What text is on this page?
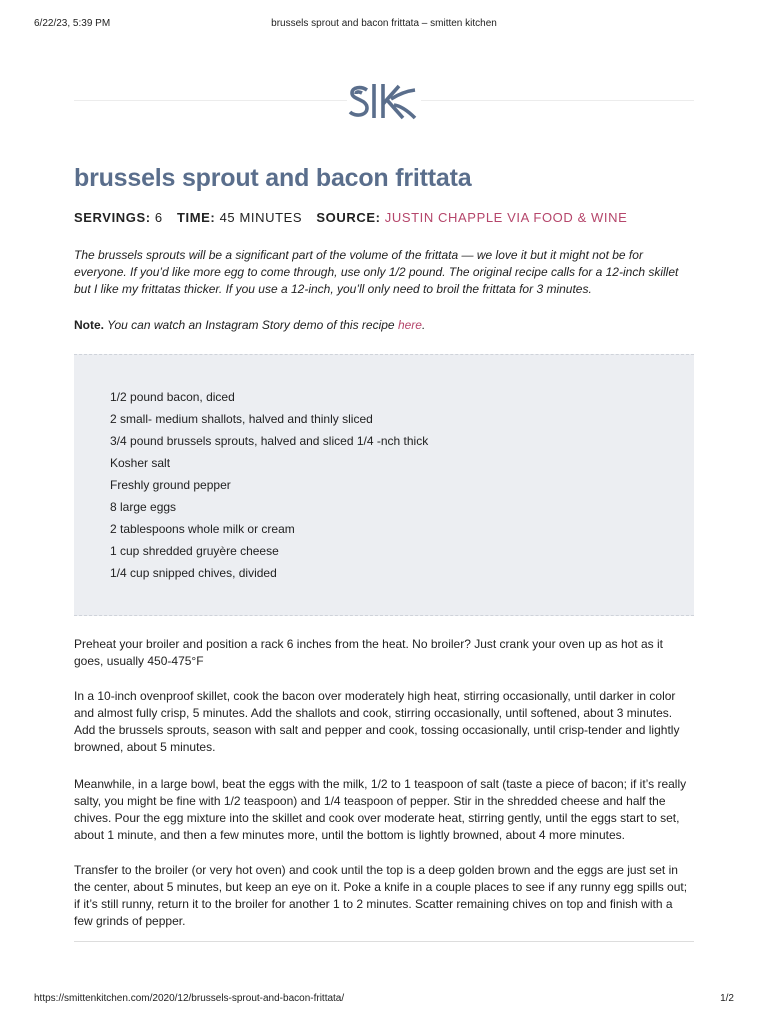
6/22/23, 5:39 PM	brussels sprout and bacon frittata – smitten kitchen
brussels sprout and bacon frittata
SERVINGS: 6 TIME: 45 MINUTES SOURCE: JUSTIN CHAPPLE VIA FOOD & WINE

The brussels sprouts will be a significant part of the volume of the frittata — we love it but it might not be for everyone. If you’d like more egg to come through, use only 1/2 pound. The original recipe calls for a 12-inch skillet but I like my frittatas thicker. If you use a 12-inch, you’ll only need to broil the frittata for 3 minutes.

Note. You can watch an Instagram Story demo of this recipe here.

1/2 pound bacon, diced
2 small- medium shallots, halved and thinly sliced
3/4 pound brussels sprouts, halved and sliced 1/4 -nch thick
Kosher salt
Freshly ground pepper
8 large eggs
2 tablespoons whole milk or cream
1 cup shredded gruyère cheese
1/4 cup snipped chives, divided

Preheat your broiler and position a rack 6 inches from the heat. No broiler? Just crank your oven up as hot as it goes, usually 450-475°F

In a 10-inch ovenproof skillet, cook the bacon over moderately high heat, stirring occasionally, until darker in color and almost fully crisp, 5 minutes. Add the shallots and cook, stirring occasionally, until softened, about 3 minutes. Add the brussels sprouts, season with salt and pepper and cook, tossing occasionally, until crisp-tender and lightly browned, about 5 minutes.

Meanwhile, in a large bowl, beat the eggs with the milk, 1/2 to 1 teaspoon of salt (taste a piece of bacon; if it’s really salty, you might be fine with 1/2 teaspoon) and 1/4 teaspoon of pepper. Stir in the shredded cheese and half the chives. Pour the egg mixture into the skillet and cook over moderate heat, stirring gently, until the eggs start to set, about 1 minute, and then a few minutes more, until the bottom is lightly browned, about 4 more minutes.

Transfer to the broiler (or very hot oven) and cook until the top is a deep golden brown and the eggs are just set in the center, about 5 minutes, but keep an eye on it. Poke a knife in a couple places to see if any runny egg spills out; if it’s still runny, return it to the broiler for another 1 to 2 minutes. Scatter remaining chives on top and finish with a few grinds of pepper.

https://smittenkitchen.com/2020/12/brussels-sprout-and-bacon-frittata/	1/2
